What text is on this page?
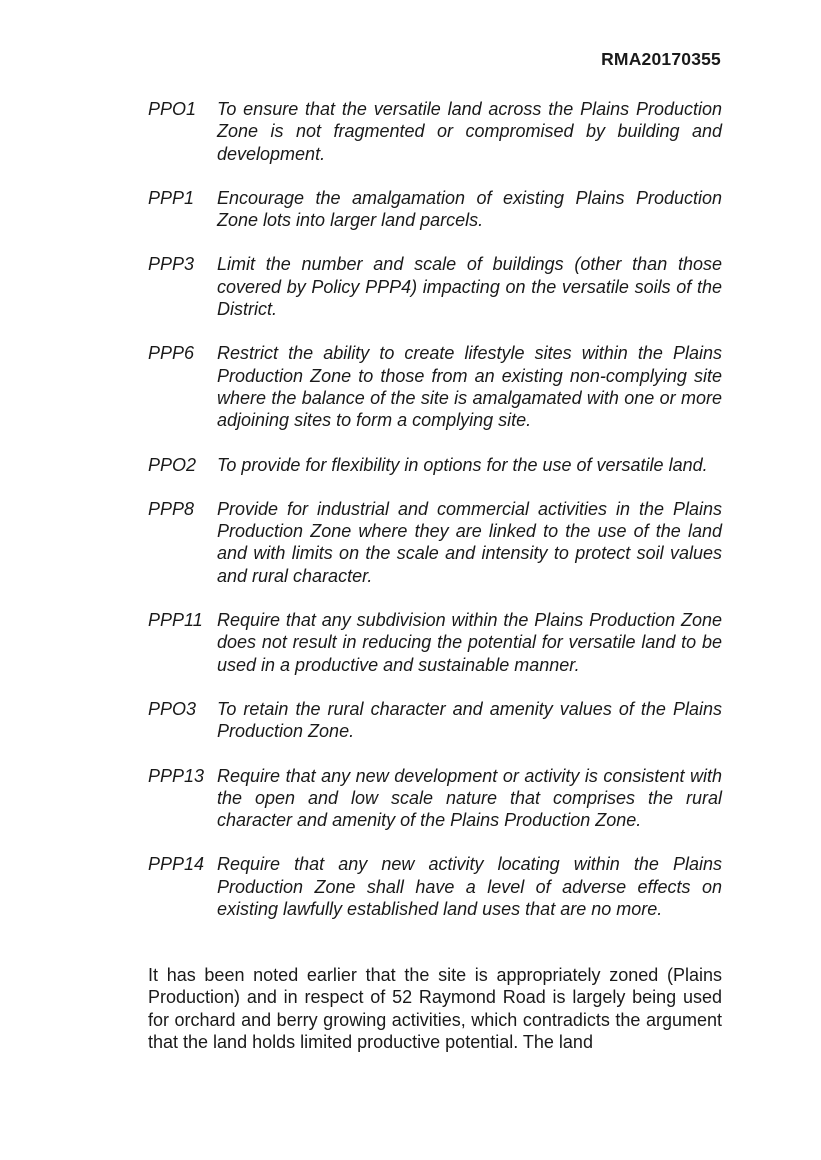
RMA20170355
PPO1	To ensure that the versatile land across the Plains Production Zone is not fragmented or compromised by building and development.
PPP1	Encourage the amalgamation of existing Plains Production Zone lots into larger land parcels.
PPP3	Limit the number and scale of buildings (other than those covered by Policy PPP4) impacting on the versatile soils of the District.
PPP6	Restrict the ability to create lifestyle sites within the Plains Production Zone to those from an existing non-complying site where the balance of the site is amalgamated with one or more adjoining sites to form a complying site.
PPO2	To provide for flexibility in options for the use of versatile land.
PPP8	Provide for industrial and commercial activities in the Plains Production Zone where they are linked to the use of the land and with limits on the scale and intensity to protect soil values and rural character.
PPP11 Require that any subdivision within the Plains Production Zone does not result in reducing the potential for versatile land to be used in a productive and sustainable manner.
PPO3	To retain the rural character and amenity values of the Plains Production Zone.
PPP13 Require that any new development or activity is consistent with the open and low scale nature that comprises the rural character and amenity of the Plains Production Zone.
PPP14 Require that any new activity locating within the Plains Production Zone shall have a level of adverse effects on existing lawfully established land uses that are no more.
It has been noted earlier that the site is appropriately zoned (Plains Production) and in respect of 52 Raymond Road is largely being used for orchard and berry growing activities, which contradicts the argument that the land holds limited productive potential. The land
